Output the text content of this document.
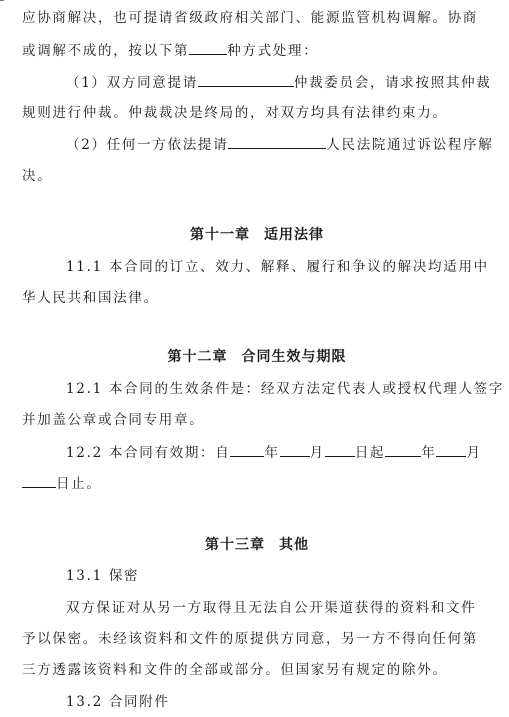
应协商解决，也可提请省级政府相关部门、能源监管机构调解。协商
或调解不成的，按以下第	种方式处理：
（1）双方同意提请	仲裁委员会，请求按照其仲裁
规则进行仲裁。仲裁裁决是终局的，对双方均具有法律约束力。
（2）任何一方依法提请	人民法院通过诉讼程序解
决。
第十一章 适用法律
11.1 本合同的订立、效力、解释、履行和争议的解决均适用中
华人民共和国法律。
第十二章 合同生效与期限
12.1 本合同的生效条件是：经双方法定代表人或授权代理人签字
并加盖公章或合同专用章。
12.2 本合同有效期：自	年 月 日起	年 月
日止。
第十三章 其他
13.1 保密
双方保证对从另一方取得且无法自公开渠道获得的资料和文件
予以保密。未经该资料和文件的原提供方同意，另一方不得向任何第
三方透露该资料和文件的全部或部分。但国家另有规定的除外。
13.2 合同附件
